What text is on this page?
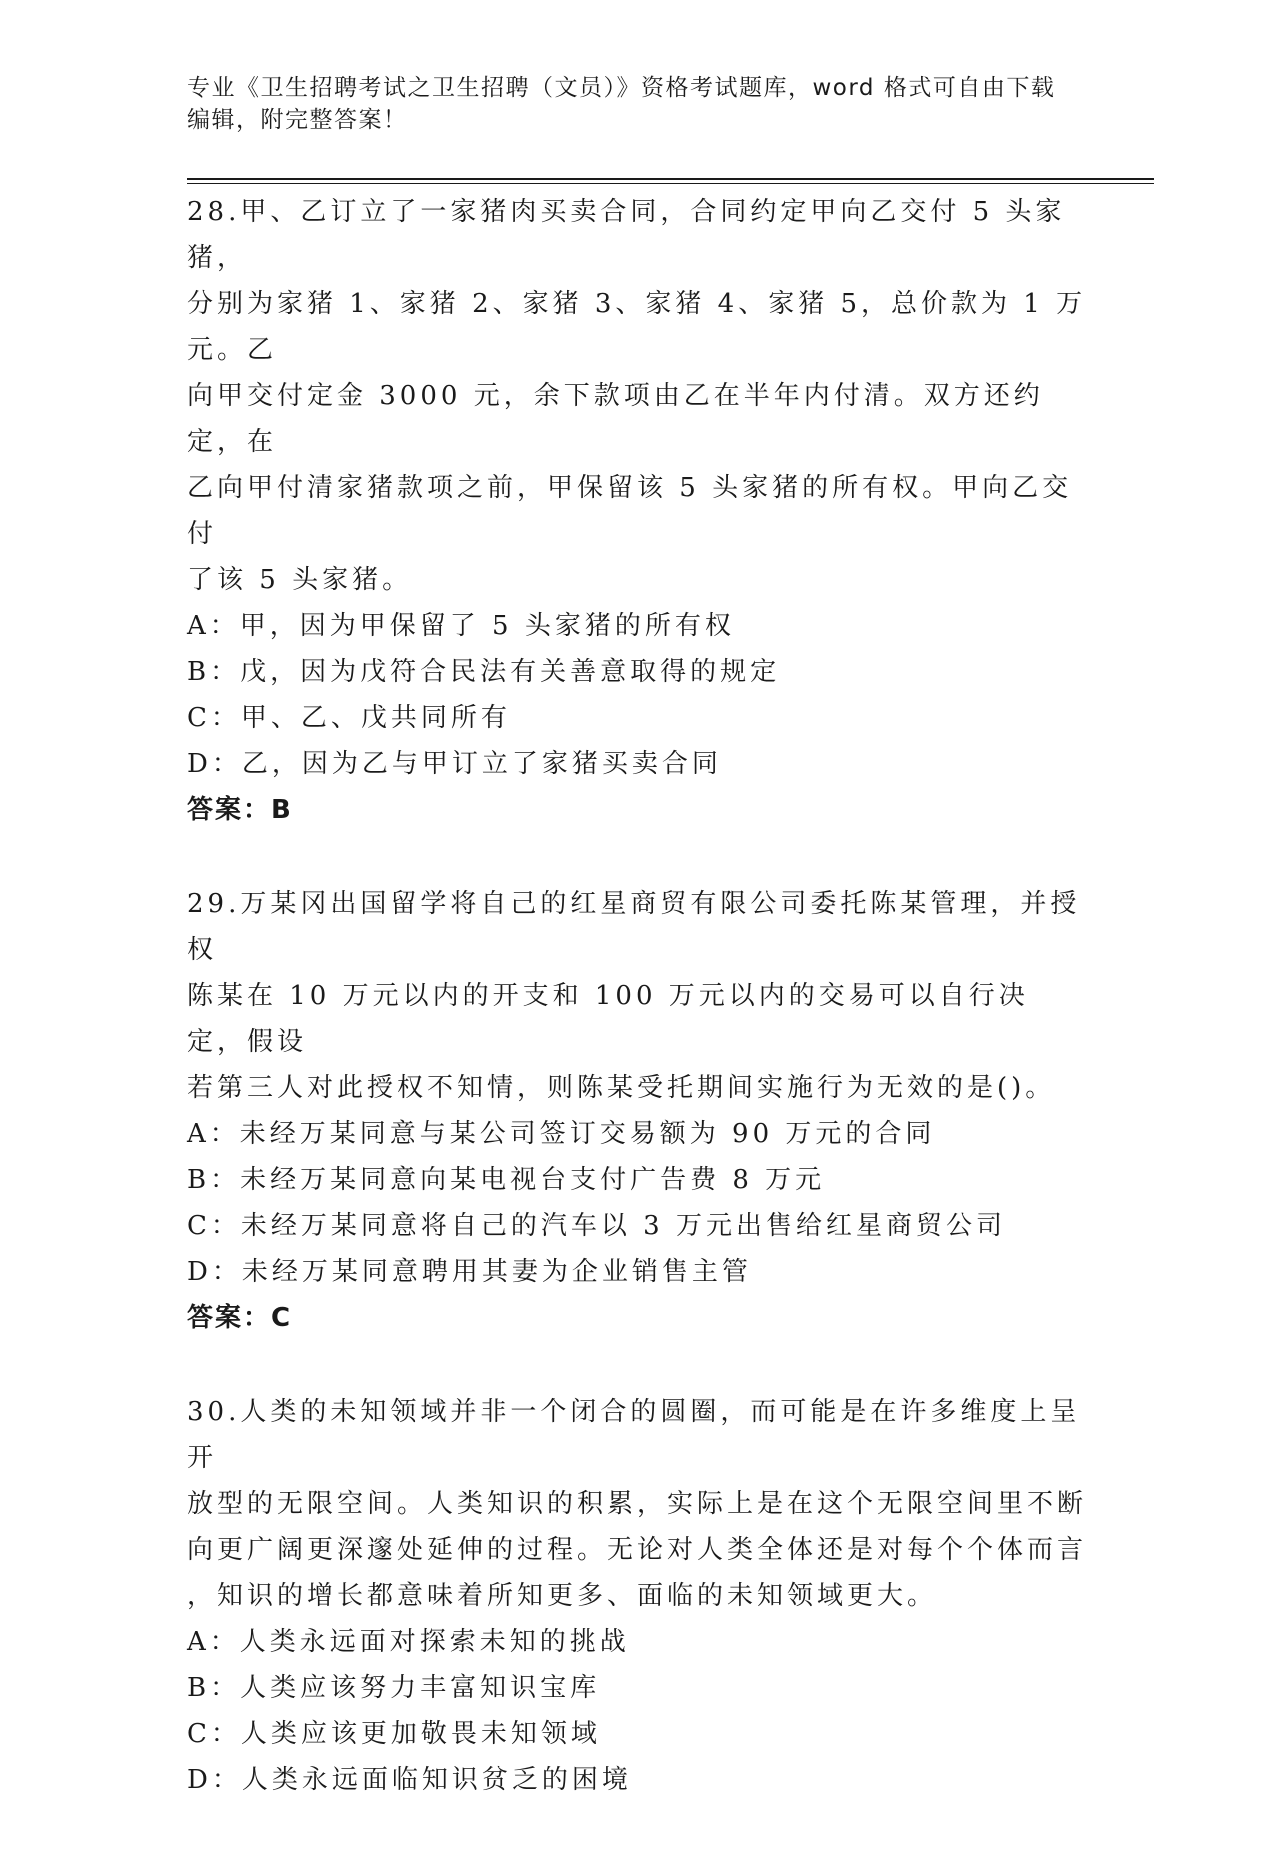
专业《卫生招聘考试之卫生招聘（文员）》资格考试题库，word 格式可自由下载
编辑，附完整答案！
28.甲、乙订立了一家猪肉买卖合同，合同约定甲向乙交付 5 头家猪，
分别为家猪 1、家猪 2、家猪 3、家猪 4、家猪 5，总价款为 1 万元。乙
向甲交付定金 3000 元，余下款项由乙在半年内付清。双方还约定，在
乙向甲付清家猪款项之前，甲保留该 5 头家猪的所有权。甲向乙交付
了该 5 头家猪。
A：甲，因为甲保留了 5 头家猪的所有权
B：戊，因为戊符合民法有关善意取得的规定
C：甲、乙、戊共同所有
D：乙，因为乙与甲订立了家猪买卖合同
答案：B
29.万某冈出国留学将自己的红星商贸有限公司委托陈某管理，并授权
陈某在 10 万元以内的开支和 100 万元以内的交易可以自行决定，假设
若第三人对此授权不知情，则陈某受托期间实施行为无效的是()。
A：未经万某同意与某公司签订交易额为 90 万元的合同
B：未经万某同意向某电视台支付广告费 8 万元
C：未经万某同意将自己的汽车以 3 万元出售给红星商贸公司
D：未经万某同意聘用其妻为企业销售主管
答案：C
30.人类的未知领域并非一个闭合的圆圈，而可能是在许多维度上呈开
放型的无限空间。人类知识的积累，实际上是在这个无限空间里不断
向更广阔更深邃处延伸的过程。无论对人类全体还是对每个个体而言
，知识的增长都意味着所知更多、面临的未知领域更大。
A：人类永远面对探索未知的挑战
B：人类应该努力丰富知识宝库
C：人类应该更加敬畏未知领域
D：人类永远面临知识贫乏的困境
